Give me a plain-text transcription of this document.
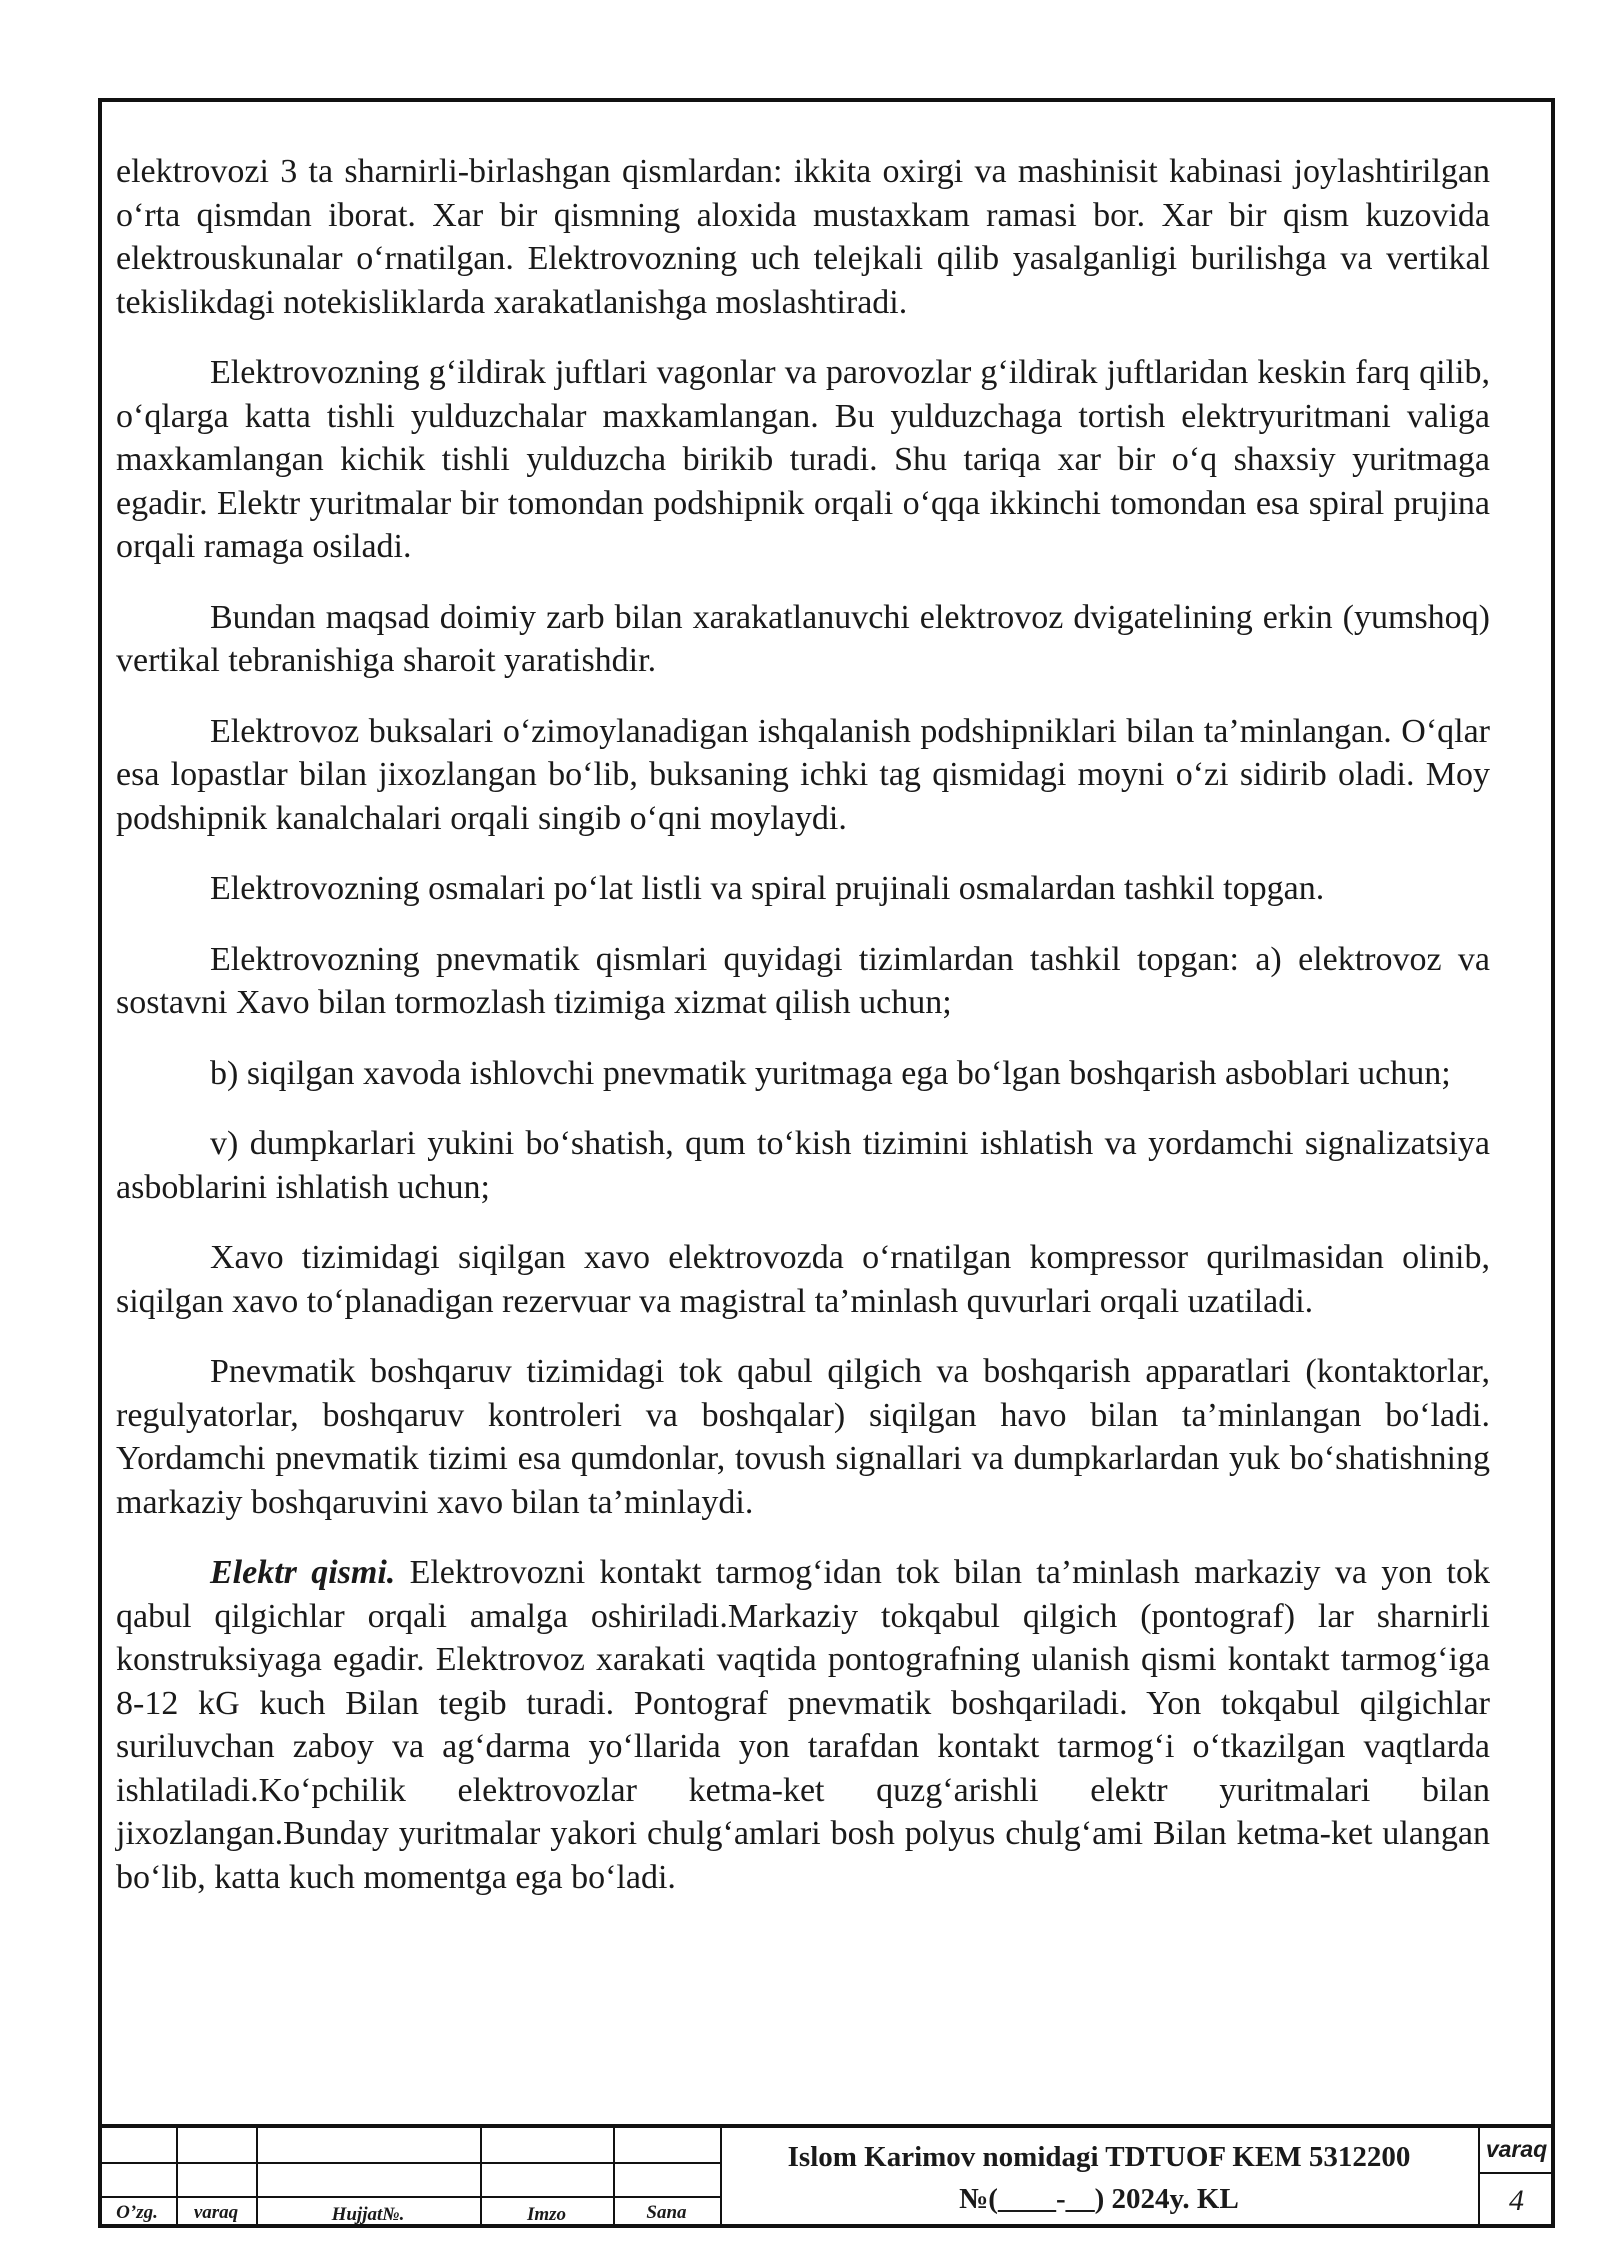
elektrovozi 3 ta sharnirli-birlashgan qismlardan: ikkita oxirgi va mashinisit kabinasi joylashtirilgan o‘rta qismdan iborat. Xar bir qismning aloxida mustaxkam ramasi bor. Xar bir qism kuzovida elektrouskunalar o‘rnatilgan. Elektrovozning uch telejkali qilib yasalganligi burilishga va vertikal tekislikdagi notekisliklarda xarakatlanishga moslashtiradi.

Elektrovozning g‘ildirak juftlari vagonlar va parovozlar g‘ildirak juftlaridan keskin farq qilib, o‘qlarga katta tishli yulduzchalar maxkamlangan. Bu yulduzchaga tortish elektryuritmani valiga maxkamlangan kichik tishli yulduzcha birikib turadi. Shu tariqa xar bir o‘q shaxsiy yuritmaga egadir. Elektr yuritmalar bir tomondan podshipnik orqali o‘qqa ikkinchi tomondan esa spiral prujina orqali ramaga osiladi.

Bundan maqsad doimiy zarb bilan xarakatlanuvchi elektrovoz dvigatelining erkin (yumshoq) vertikal tebranishiga sharoit yaratishdir.

Elektrovoz buksalari o‘zimoylanadigan ishqalanish podshipniklari bilan ta’minlangan. O‘qlar esa lopastlar bilan jixozlangan bo‘lib, buksaning ichki tag qismidagi moyni o‘zi sidirib oladi. Moy podshipnik kanalchalari orqali singib o‘qni moylaydi.

Elektrovozning osmalari po‘lat listli va spiral prujinali osmalardan tashkil topgan.

Elektrovozning pnevmatik qismlari quyidagi tizimlardan tashkil topgan: a) elektrovoz va sostavni Xavo bilan tormozlash tizimiga xizmat qilish uchun;

b) siqilgan xavoda ishlovchi pnevmatik yuritmaga ega bo‘lgan boshqarish asboblari uchun;

v) dumpkarlari yukini bo‘shatish, qum to‘kish tizimini ishlatish va yordamchi signalizatsiya asboblarini ishlatish uchun;

Xavo tizimidagi siqilgan xavo elektrovozda o‘rnatilgan kompressor qurilmasidan olinib, siqilgan xavo to‘planadigan rezervuar va magistral ta’minlash quvurlari orqali uzatiladi.

Pnevmatik boshqaruv tizimidagi tok qabul qilgich va boshqarish apparatlari (kontaktorlar, regulyatorlar, boshqaruv kontroleri va boshqalar) siqilgan havo bilan ta’minlangan bo‘ladi. Yordamchi pnevmatik tizimi esa qumdonlar, tovush signallari va dumpkarlardan yuk bo‘shatishning markaziy boshqaruvini xavo bilan ta’minlaydi.

Elektr qismi. Elektrovozni kontakt tarmog‘idan tok bilan ta’minlash markaziy va yon tok qabul qilgichlar orqali amalga oshiriladi.Markaziy tokqabul qilgich (pontograf) lar sharnirli konstruksiyaga egadir. Elektrovoz xarakati vaqtida pontografning ulanish qismi kontakt tarmog‘iga 8-12 kG kuch Bilan tegib turadi. Pontograf pnevmatik boshqariladi. Yon tokqabul qilgichlar suriluvchan zaboy va ag‘darma yo‘llarida yon tarafdan kontakt tarmog‘i o‘tkazilgan vaqtlarda ishlatiladi.Ko‘pchilik elektrovozlar ketma-ket quzg‘arishli elektr yuritmalari bilan jixozlangan.Bunday yuritmalar yakori chulg‘amlari bosh polyus chulg‘ami Bilan ketma-ket ulangan bo‘lib, katta kuch momentga ega bo‘ladi.

O’zg.	varaq	Hujjat№.	Imzo	Sana
Islom Karimov nomidagi TDTUOF KEM 5312200
№(____-__) 2024y. KL
varaq
4
